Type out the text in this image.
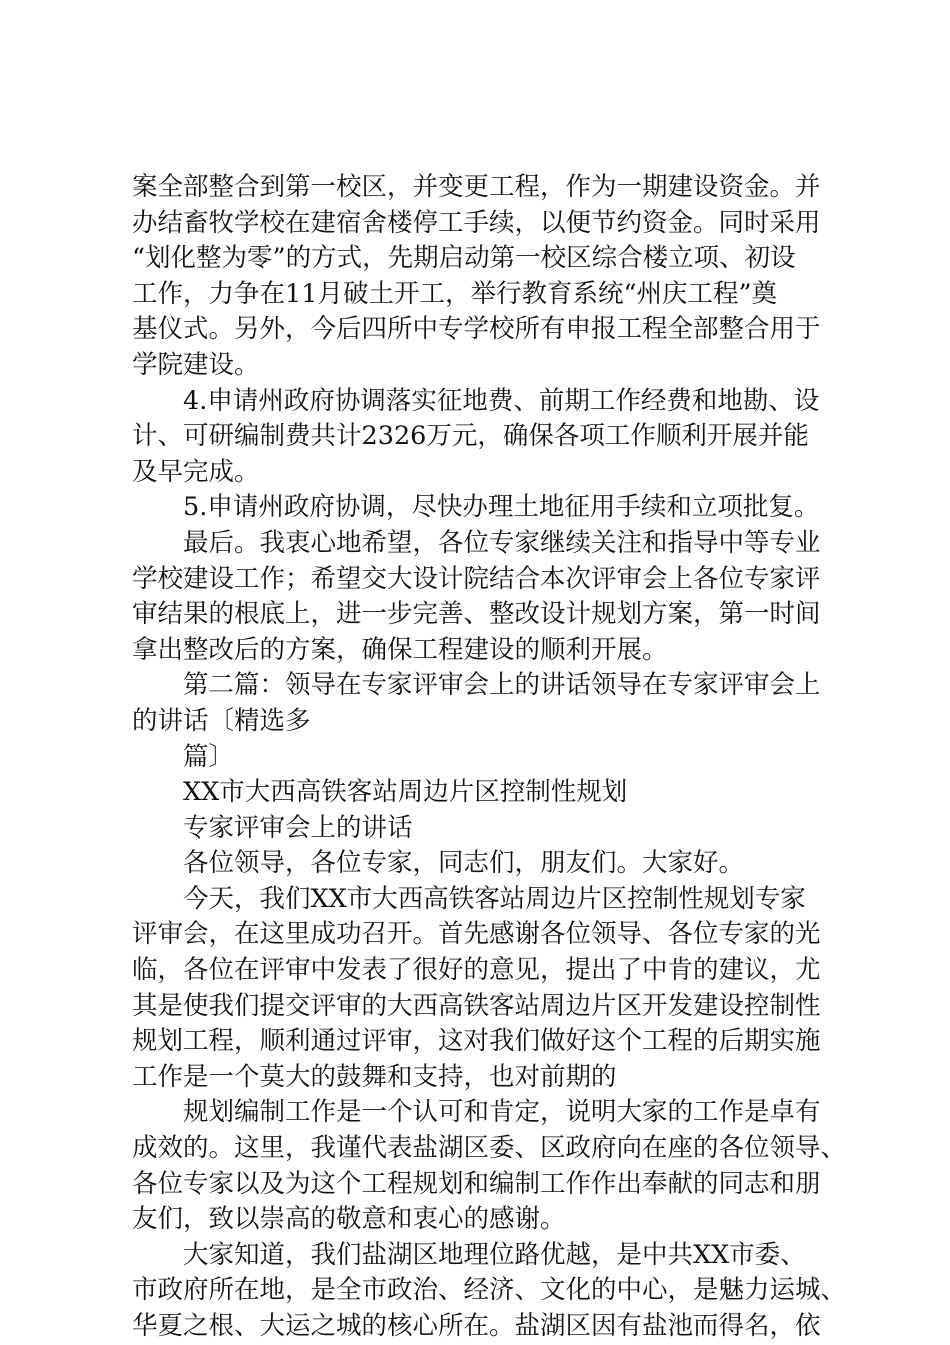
案全部整合到第一校区，并变更工程，作为一期建设资金。并
办结畜牧学校在建宿舍楼停工手续，以便节约资金。同时采用
“划化整为零”的方式，先期启动第一校区综合楼立项、初设
工作，力争在11月破土开工，举行教育系统“州庆工程”奠
基仪式。另外，今后四所中专学校所有申报工程全部整合用于
学院建设。
4.申请州政府协调落实征地费、前期工作经费和地勘、设
计、可研编制费共计2326万元，确保各项工作顺利开展并能
及早完成。
5.申请州政府协调，尽快办理土地征用手续和立项批复。
最后。我衷心地希望，各位专家继续关注和指导中等专业
学校建设工作；希望交大设计院结合本次评审会上各位专家评
审结果的根底上，进一步完善、整改设计规划方案，第一时间
拿出整改后的方案，确保工程建设的顺利开展。
第二篇：领导在专家评审会上的讲话领导在专家评审会上
的讲话〔精选多
篇〕
XX市大西高铁客站周边片区控制性规划
专家评审会上的讲话
各位领导，各位专家，同志们，朋友们。大家好。
今天，我们XX市大西高铁客站周边片区控制性规划专家
评审会，在这里成功召开。首先感谢各位领导、各位专家的光
临，各位在评审中发表了很好的意见，提出了中肯的建议，尤
其是使我们提交评审的大西高铁客站周边片区开发建设控制性
规划工程，顺利通过评审，这对我们做好这个工程的后期实施
工作是一个莫大的鼓舞和支持，也对前期的
规划编制工作是一个认可和肯定，说明大家的工作是卓有
成效的。这里，我谨代表盐湖区委、区政府向在座的各位领导、
各位专家以及为这个工程规划和编制工作作出奉献的同志和朋
友们，致以崇高的敬意和衷心的感谢。
大家知道，我们盐湖区地理位路优越，是中共XX市委、
市政府所在地，是全市政治、经济、文化的中心，是魅力运城、
华夏之根、大运之城的核心所在。盐湖区因有盐池而得名，依
